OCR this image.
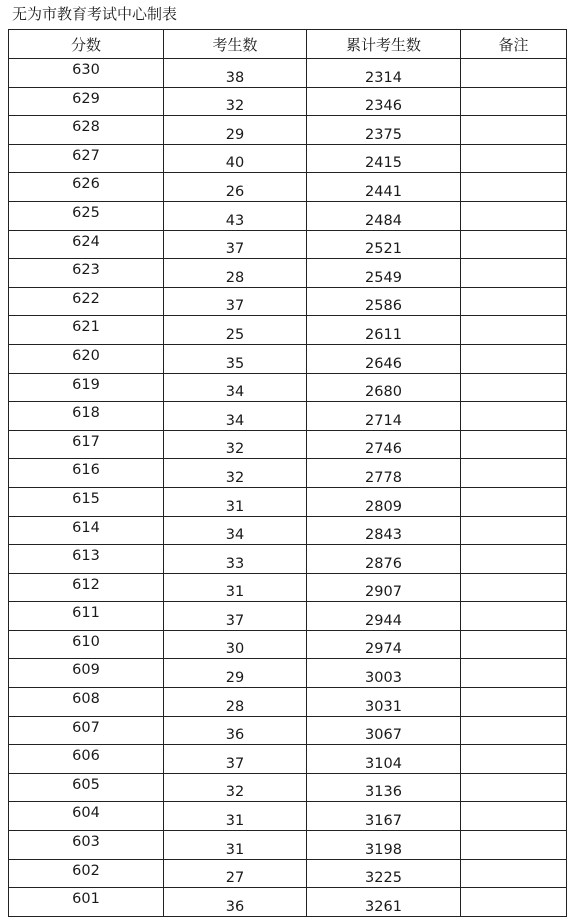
无为市教育考试中心制表
分数	考生数	累计考生数	备注
630	38	2314	
629	32	2346	
628	29	2375	
627	40	2415	
626	26	2441	
625	43	2484	
624	37	2521	
623	28	2549	
622	37	2586	
621	25	2611	
620	35	2646	
619	34	2680	
618	34	2714	
617	32	2746	
616	32	2778	
615	31	2809	
614	34	2843	
613	33	2876	
612	31	2907	
611	37	2944	
610	30	2974	
609	29	3003	
608	28	3031	
607	36	3067	
606	37	3104	
605	32	3136	
604	31	3167	
603	31	3198	
602	27	3225	
601	36	3261	
